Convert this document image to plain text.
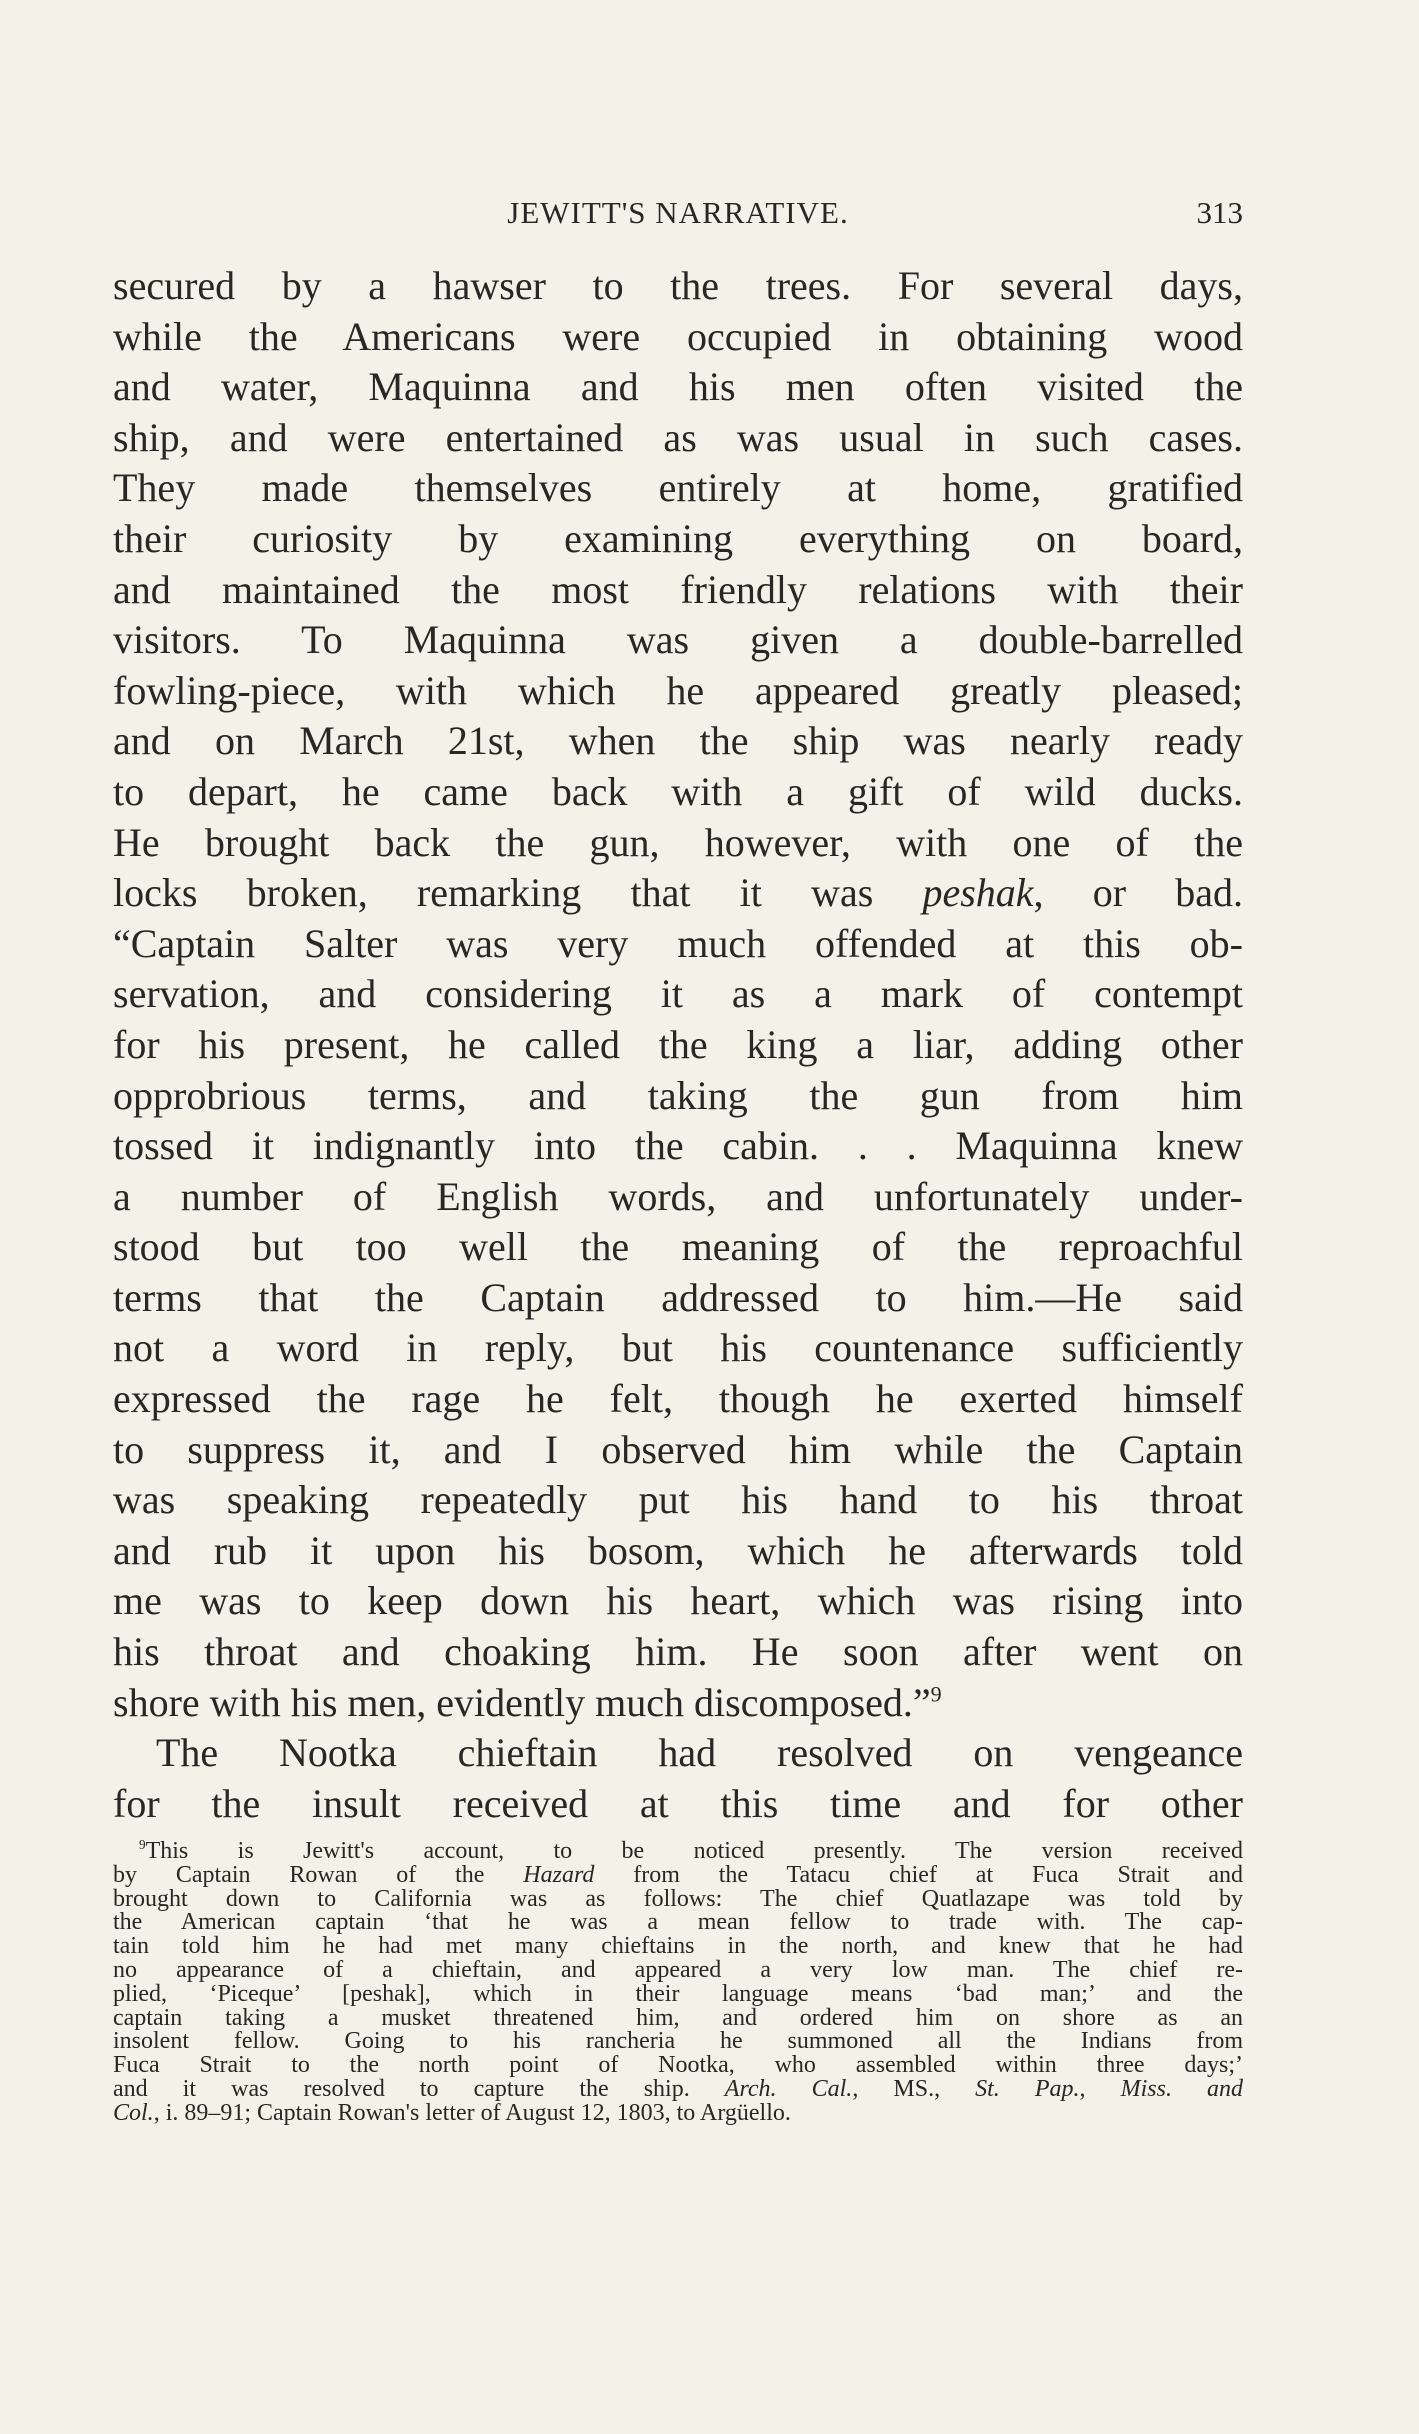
JEWITT'S NARRATIVE.	313
secured by a hawser to the trees. For several days,
while the Americans were occupied in obtaining wood
and water, Maquinna and his men often visited the
ship, and were entertained as was usual in such cases.
They made themselves entirely at home, gratified
their curiosity by examining everything on board,
and maintained the most friendly relations with their
visitors. To Maquinna was given a double-barrelled
fowling-piece, with which he appeared greatly pleased;
and on March 21st, when the ship was nearly ready
to depart, he came back with a gift of wild ducks.
He brought back the gun, however, with one of the
locks broken, remarking that it was peshak, or bad.
“Captain Salter was very much offended at this ob-
servation, and considering it as a mark of contempt
for his present, he called the king a liar, adding other
opprobrious terms, and taking the gun from him
tossed it indignantly into the cabin. . . Maquinna knew
a number of English words, and unfortunately under-
stood but too well the meaning of the reproachful
terms that the Captain addressed to him.—He said
not a word in reply, but his countenance sufficiently
expressed the rage he felt, though he exerted himself
to suppress it, and I observed him while the Captain
was speaking repeatedly put his hand to his throat
and rub it upon his bosom, which he afterwards told
me was to keep down his heart, which was rising into
his throat and choaking him. He soon after went on
shore with his men, evidently much discomposed.”$^9$
The Nootka chieftain had resolved on vengeance
for the insult received at this time and for other
$^9$This is Jewitt's account, to be noticed presently. The version received
by Captain Rowan of the Hazard from the Tatacu chief at Fuca Strait and
brought down to California was as follows: The chief Quatlazape was told by
the American captain ‘that he was a mean fellow to trade with. The cap-
tain told him he had met many chieftains in the north, and knew that he had
no appearance of a chieftain, and appeared a very low man. The chief re-
plied, ‘Piceque’ [peshak], which in their language means ‘bad man;’ and the
captain taking a musket threatened him, and ordered him on shore as an
insolent fellow. Going to his rancheria he summoned all the Indians from
Fuca Strait to the north point of Nootka, who assembled within three days;’
and it was resolved to capture the ship. Arch. Cal., MS., St. Pap., Miss. and
Col., i. 89–91; Captain Rowan's letter of August 12, 1803, to Argüello.
